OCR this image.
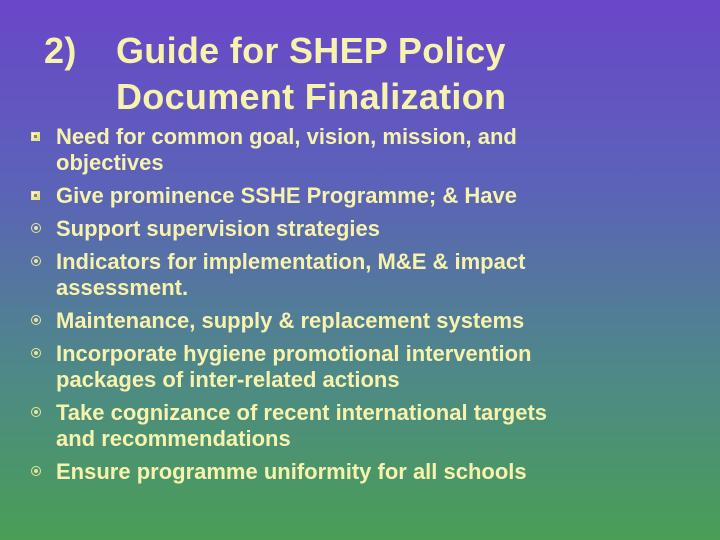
2)	Guide for SHEP Policy
Document Finalization
Need for common goal, vision, mission, and
objectives
Give prominence SSHE Programme; & Have
Support supervision strategies
Indicators for implementation, M&E & impact
assessment.
Maintenance, supply & replacement systems
Incorporate hygiene promotional intervention
packages of inter-related actions
Take cognizance of recent international targets
and recommendations
Ensure programme uniformity for all schools
